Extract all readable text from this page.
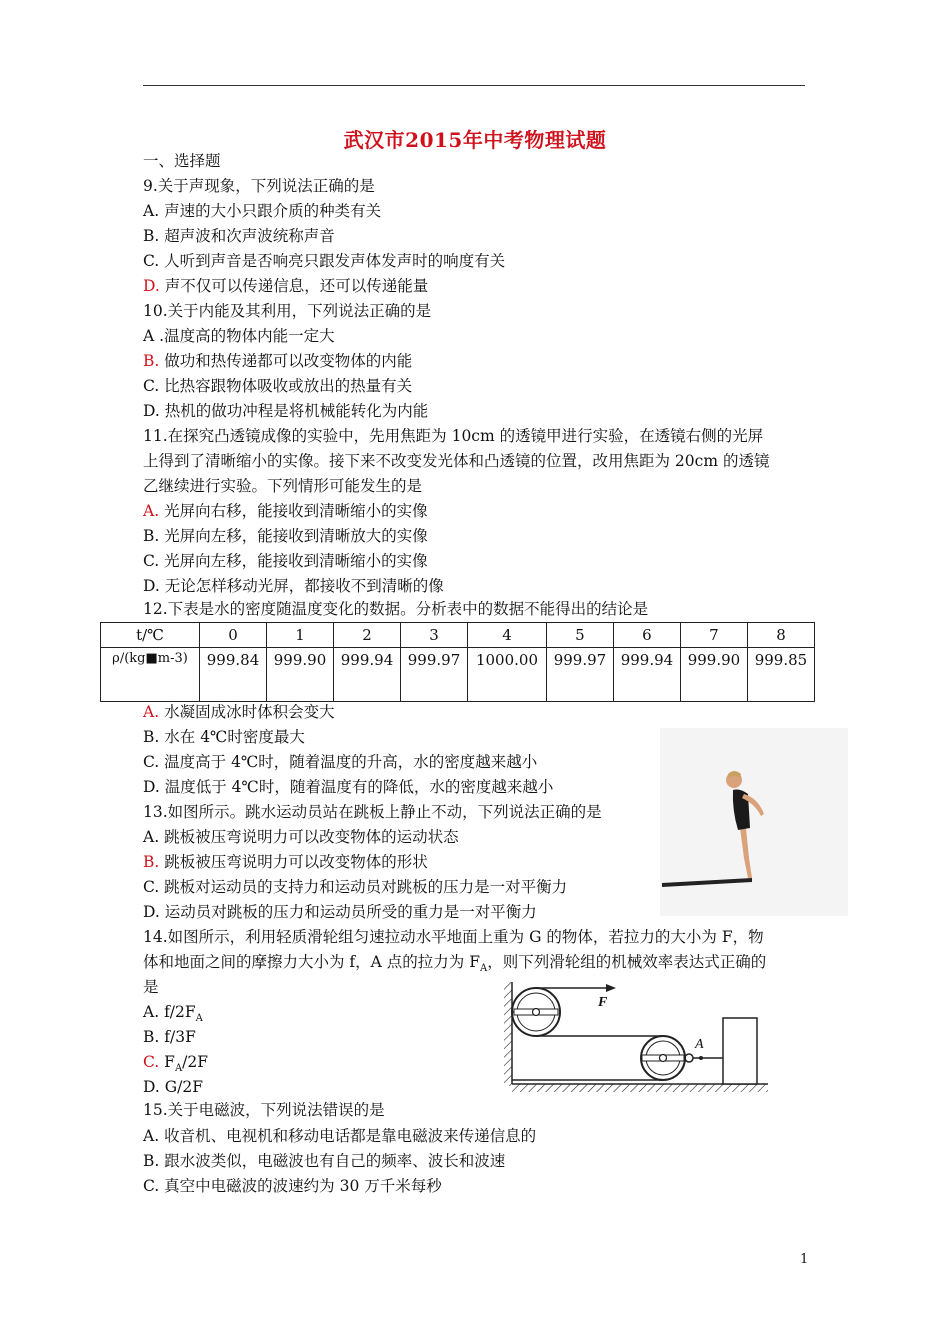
武汉市2015年中考物理试题
一、选择题
9.关于声现象，下列说法正确的是
A. 声速的大小只跟介质的种类有关
B. 超声波和次声波统称声音
C. 人听到声音是否响亮只跟发声体发声时的响度有关
D. 声不仅可以传递信息，还可以传递能量
10.关于内能及其利用，下列说法正确的是
A .温度高的物体内能一定大
B. 做功和热传递都可以改变物体的内能
C. 比热容跟物体吸收或放出的热量有关
D. 热机的做功冲程是将机械能转化为内能
11.在探究凸透镜成像的实验中，先用焦距为 10cm 的透镜甲进行实验，在透镜右侧的光屏
上得到了清晰缩小的实像。接下来不改变发光体和凸透镜的位置，改用焦距为 20cm 的透镜
乙继续进行实验。下列情形可能发生的是
A. 光屏向右移，能接收到清晰缩小的实像
B. 光屏向左移，能接收到清晰放大的实像
C. 光屏向左移，能接收到清晰缩小的实像
D. 无论怎样移动光屏，都接收不到清晰的像
12.下表是水的密度随温度变化的数据。分析表中的数据不能得出的结论是
t/℃	0	1	2	3	4	5	6	7	8
ρ/(kg■m-3)	999.84	999.90	999.94	999.97	1000.00	999.97	999.94	999.90	999.85
A. 水凝固成冰时体积会变大
B. 水在 4℃时密度最大
C. 温度高于 4℃时，随着温度的升高，水的密度越来越小
D. 温度低于 4℃时，随着温度有的降低，水的密度越来越小
13.如图所示。跳水运动员站在跳板上静止不动，下列说法正确的是
A. 跳板被压弯说明力可以改变物体的运动状态
B. 跳板被压弯说明力可以改变物体的形状
C. 跳板对运动员的支持力和运动员对跳板的压力是一对平衡力
D. 运动员对跳板的压力和运动员所受的重力是一对平衡力
14.如图所示，利用轻质滑轮组匀速拉动水平地面上重为 G 的物体，若拉力的大小为 F，物
体和地面之间的摩擦力大小为 f，A 点的拉力为 $F_A$，则下列滑轮组的机械效率表达式正确的
是
A. $f/2F_A$
B. f/3F
C. $F_A/2F$
D. G/2F
F
A
15.关于电磁波，下列说法错误的是
A. 收音机、电视机和移动电话都是靠电磁波来传递信息的
B. 跟水波类似，电磁波也有自己的频率、波长和波速
C. 真空中电磁波的波速约为 30 万千米每秒
1
